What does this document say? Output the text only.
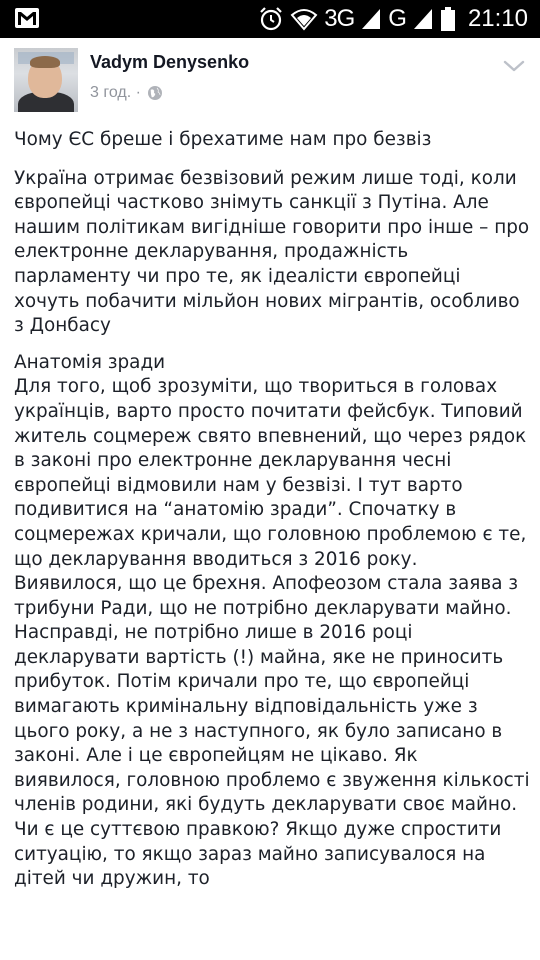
3G G	21:10
Vadym Denysenko
3 год. ·

Чому ЄС бреше і брехатиме нам про безвіз

Україна отримає безвізовий режим лише тоді, коли європейці частково знімуть санкції з Путіна. Але нашим політикам вигідніше говорити про інше – про електронне декларування, продажність парламенту чи про те, як ідеалісти європейці хочуть побачити мільйон нових мігрантів, особливо з Донбасу

Анатомія зради

Для того, щоб зрозуміти, що твориться в головах українців, варто просто почитати фейсбук. Типовий житель соцмереж свято впевнений, що через рядок в законі про електронне декларування чесні європейці відмовили нам у безвізі. І тут варто подивитися на “анатомію зради”. Спочатку в соцмережах кричали, що головною проблемою є те, що декларування вводиться з 2016 року. Виявилося, що це брехня. Апофеозом стала заява з трибуни Ради, що не потрібно декларувати майно. Насправді, не потрібно лише в 2016 році декларувати вартість (!) майна, яке не приносить прибуток. Потім кричали про те, що європейці вимагають кримінальну відповідальність уже з цього року, а не з наступного, як було записано в законі. Але і це європейцям не цікаво. Як виявилося, головною проблемо є звуження кількості членів родини, які будуть декларувати своє майно. Чи є це суттєвою правкою? Якщо дуже спростити ситуацію, то якщо зараз майно записувалося на дітей чи дружин, то
